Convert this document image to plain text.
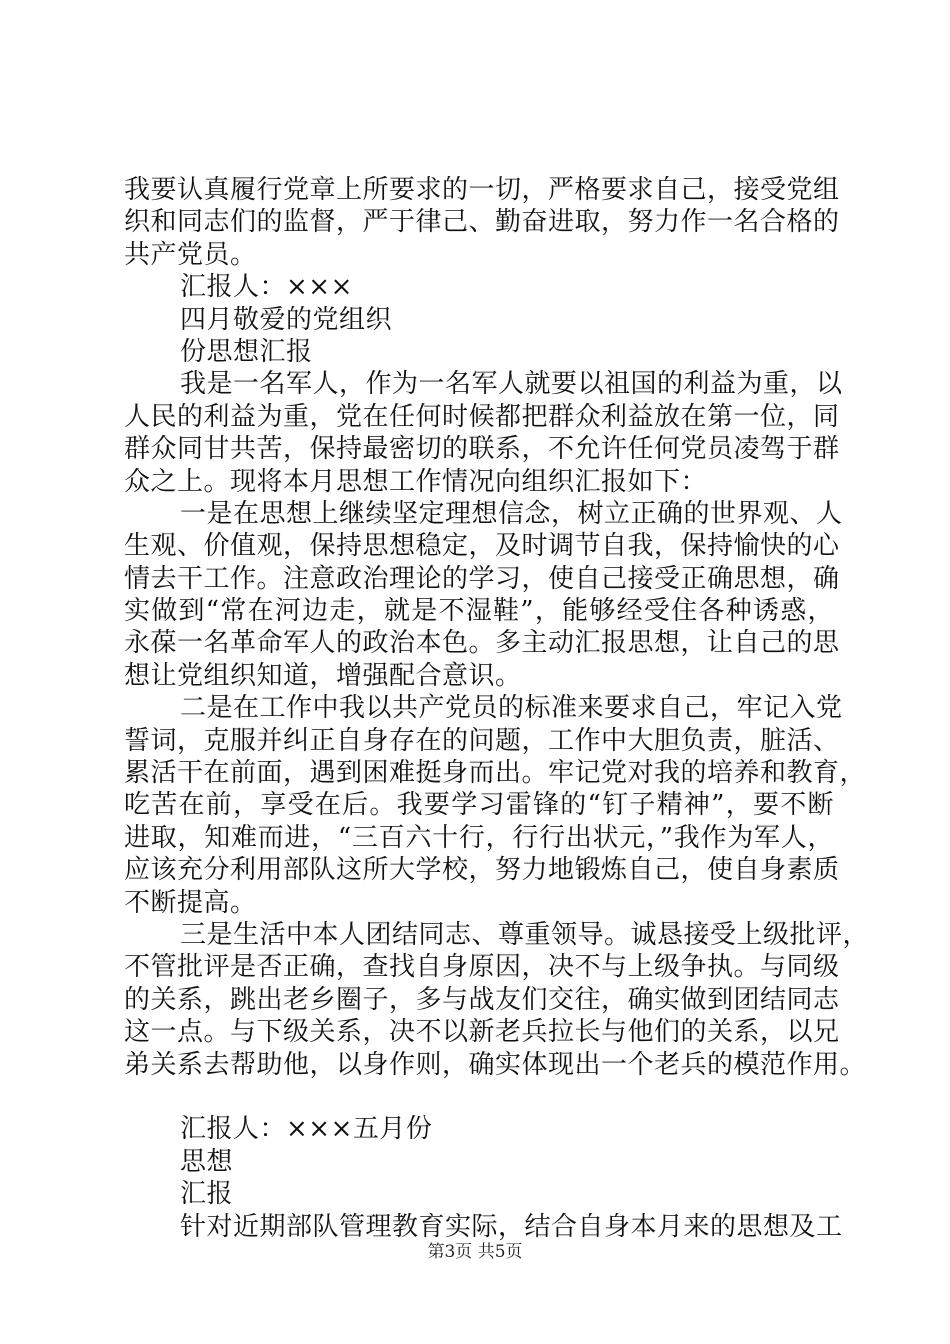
我要认真履行党章上所要求的一切，严格要求自己，接受党组
织和同志们的监督，严于律己、勤奋进取，努力作一名合格的
共产党员。
汇报人：×××
四月敬爱的党组织
份思想汇报
我是一名军人，作为一名军人就要以祖国的利益为重，以
人民的利益为重，党在任何时候都把群众利益放在第一位，同
群众同甘共苦，保持最密切的联系，不允许任何党员凌驾于群
众之上。现将本月思想工作情况向组织汇报如下：
一是在思想上继续坚定理想信念，树立正确的世界观、人
生观、价值观，保持思想稳定，及时调节自我，保持愉快的心
情去干工作。注意政治理论的学习，使自己接受正确思想，确
实做到“常在河边走，就是不湿鞋”，能够经受住各种诱惑，
永葆一名革命军人的政治本色。多主动汇报思想，让自己的思
想让党组织知道，增强配合意识。
二是在工作中我以共产党员的标准来要求自己，牢记入党
誓词，克服并纠正自身存在的问题，工作中大胆负责，脏活、
累活干在前面，遇到困难挺身而出。牢记党对我的培养和教育，
吃苦在前，享受在后。我要学习雷锋的“钉子精神”，要不断
进取，知难而进，“三百六十行，行行出状元，”我作为军人，
应该充分利用部队这所大学校，努力地锻炼自己，使自身素质
不断提高。
三是生活中本人团结同志、尊重领导。诚恳接受上级批评，
不管批评是否正确，查找自身原因，决不与上级争执。与同级
的关系，跳出老乡圈子，多与战友们交往，确实做到团结同志
这一点。与下级关系，决不以新老兵拉长与他们的关系，以兄
弟关系去帮助他，以身作则，确实体现出一个老兵的模范作用。
汇报人：×××五月份
思想
汇报
针对近期部队管理教育实际，结合自身本月来的思想及工
第3页 共5页
